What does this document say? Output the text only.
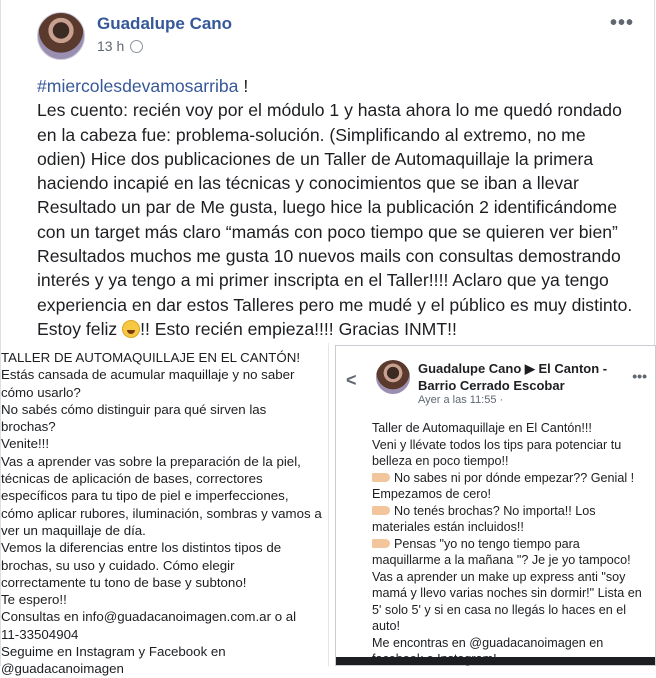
Guadalupe Cano
13 h
•••
#miercolesdevamosarriba !
Les cuento: recién voy por el módulo 1 y hasta ahora lo me quedó rondado en la cabeza fue: problema-solución. (Simplificando al extremo, no me odien) Hice dos publicaciones de un Taller de Automaquillaje la primera haciendo incapié en las técnicas y conocimientos que se iban a llevar Resultado un par de Me gusta, luego hice la publicación 2 identificándome con un target más claro “mamás con poco tiempo que se quieren ver bien” Resultados muchos me gusta 10 nuevos mails con consultas demostrando interés y ya tengo a mi primer inscripta en el Taller!!!! Aclaro que ya tengo experiencia en dar estos Talleres pero me mudé y el público es muy distinto. Estoy feliz !! Esto recién empieza!!!! Gracias INMT!!
TALLER DE AUTOMAQUILLAJE EN EL CANTÓN!
Estás cansada de acumular maquillaje y no saber
cómo usarlo?
No sabés cómo distinguir para qué sirven las
brochas?
Venite!!!
Vas a aprender vas sobre la preparación de la piel,
técnicas de aplicación de bases, correctores
específicos para tu tipo de piel e imperfecciones,
cómo aplicar rubores, iluminación, sombras y vamos a
ver un maquillaje de día.
Vemos la diferencias entre los distintos tipos de
brochas, su uso y cuidado. Cómo elegir
correctamente tu tono de base y subtono!
Te espero!!
Consultas en info@guadacanoimagen.com.ar o al
11-33504904
Seguime en Instagram y Facebook en
@guadacanoimagen
<
Guadalupe Cano ▶ El Canton - Barrio Cerrado Escobar
Ayer a las 11:55 ·
•••
Taller de Automaquillaje en El Cantón!!!
Veni y llévate todos los tips para potenciar tu belleza en poco tiempo!!
No sabes ni por dónde empezar?? Genial ! Empezamos de cero!
No tenés brochas? No importa!! Los materiales están incluidos!!
Pensas "yo no tengo tiempo para maquillarme a la mañana "? Je je yo tampoco! Vas a aprender un make up express anti "soy mamá y llevo varias noches sin dormir!" Lista en 5' solo 5' y si en casa no llegás lo haces en el auto!
Me encontras en @guadacanoimagen en
